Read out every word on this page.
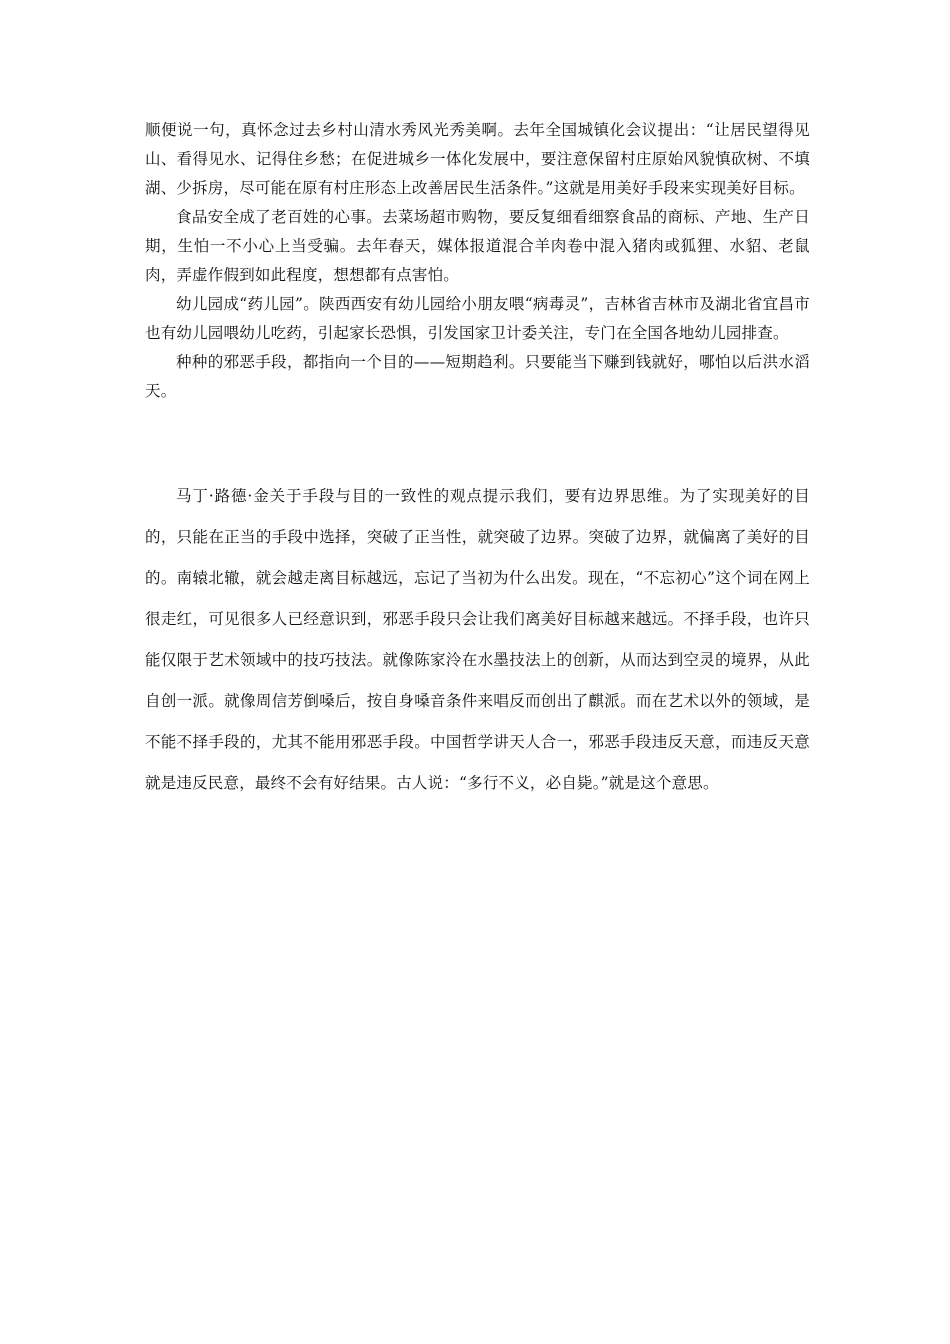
顺便说一句，真怀念过去乡村山清水秀风光秀美啊。去年全国城镇化会议提出：“让居民望得见山、看得见水、记得住乡愁；在促进城乡一体化发展中，要注意保留村庄原始风貌慎砍树、不填湖、少拆房，尽可能在原有村庄形态上改善居民生活条件。”这就是用美好手段来实现美好目标。

食品安全成了老百姓的心事。去菜场超市购物，要反复细看细察食品的商标、产地、生产日期，生怕一不小心上当受骗。去年春天，媒体报道混合羊肉卷中混入猪肉或狐狸、水貂、老鼠肉，弄虚作假到如此程度，想想都有点害怕。

幼儿园成“药儿园”。陕西西安有幼儿园给小朋友喂“病毒灵”，吉林省吉林市及湖北省宜昌市也有幼儿园喂幼儿吃药，引起家长恐惧，引发国家卫计委关注，专门在全国各地幼儿园排查。

种种的邪恶手段，都指向一个目的——短期趋利。只要能当下赚到钱就好，哪怕以后洪水滔天。

马丁·路德·金关于手段与目的一致性的观点提示我们，要有边界思维。为了实现美好的目的，只能在正当的手段中选择，突破了正当性，就突破了边界。突破了边界，就偏离了美好的目的。南辕北辙，就会越走离目标越远，忘记了当初为什么出发。现在，“不忘初心”这个词在网上很走红，可见很多人已经意识到，邪恶手段只会让我们离美好目标越来越远。不择手段，也许只能仅限于艺术领域中的技巧技法。就像陈家泠在水墨技法上的创新，从而达到空灵的境界，从此自创一派。就像周信芳倒嗓后，按自身嗓音条件来唱反而创出了麒派。而在艺术以外的领域，是不能不择手段的，尤其不能用邪恶手段。中国哲学讲天人合一，邪恶手段违反天意，而违反天意就是违反民意，最终不会有好结果。古人说：“多行不义，必自毙。”就是这个意思。
